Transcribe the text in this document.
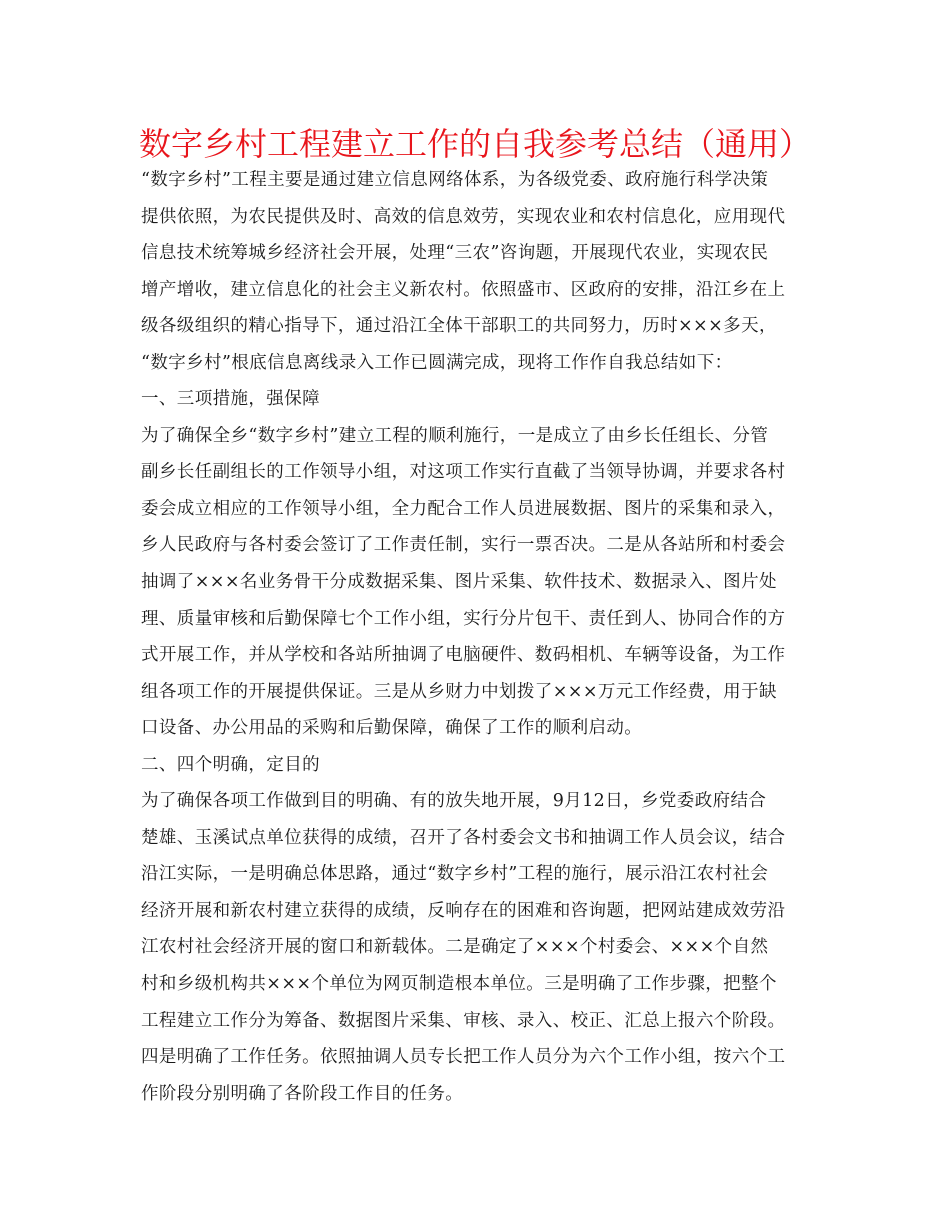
数字乡村工程建立工作的自我参考总结（通用）
“数字乡村”工程主要是通过建立信息网络体系，为各级党委、政府施行科学决策
提供依照，为农民提供及时、高效的信息效劳，实现农业和农村信息化，应用现代
信息技术统筹城乡经济社会开展，处理“三农”咨询题，开展现代农业，实现农民
增产增收，建立信息化的社会主义新农村。依照盛市、区政府的安排，沿江乡在上
级各级组织的精心指导下，通过沿江全体干部职工的共同努力，历时×××多天，
“数字乡村”根底信息离线录入工作已圆满完成，现将工作作自我总结如下：
一、三项措施，强保障
为了确保全乡“数字乡村”建立工程的顺利施行，一是成立了由乡长任组长、分管
副乡长任副组长的工作领导小组，对这项工作实行直截了当领导协调，并要求各村
委会成立相应的工作领导小组，全力配合工作人员进展数据、图片的采集和录入，
乡人民政府与各村委会签订了工作责任制，实行一票否决。二是从各站所和村委会
抽调了×××名业务骨干分成数据采集、图片采集、软件技术、数据录入、图片处
理、质量审核和后勤保障七个工作小组，实行分片包干、责任到人、协同合作的方
式开展工作，并从学校和各站所抽调了电脑硬件、数码相机、车辆等设备，为工作
组各项工作的开展提供保证。三是从乡财力中划拨了×××万元工作经费，用于缺
口设备、办公用品的采购和后勤保障，确保了工作的顺利启动。
二、四个明确，定目的
为了确保各项工作做到目的明确、有的放失地开展，9月12日，乡党委政府结合
楚雄、玉溪试点单位获得的成绩，召开了各村委会文书和抽调工作人员会议，结合
沿江实际，一是明确总体思路，通过“数字乡村”工程的施行，展示沿江农村社会
经济开展和新农村建立获得的成绩，反响存在的困难和咨询题，把网站建成效劳沿
江农村社会经济开展的窗口和新载体。二是确定了×××个村委会、×××个自然
村和乡级机构共×××个单位为网页制造根本单位。三是明确了工作步骤，把整个
工程建立工作分为筹备、数据图片采集、审核、录入、校正、汇总上报六个阶段。
四是明确了工作任务。依照抽调人员专长把工作人员分为六个工作小组，按六个工
作阶段分别明确了各阶段工作目的任务。
